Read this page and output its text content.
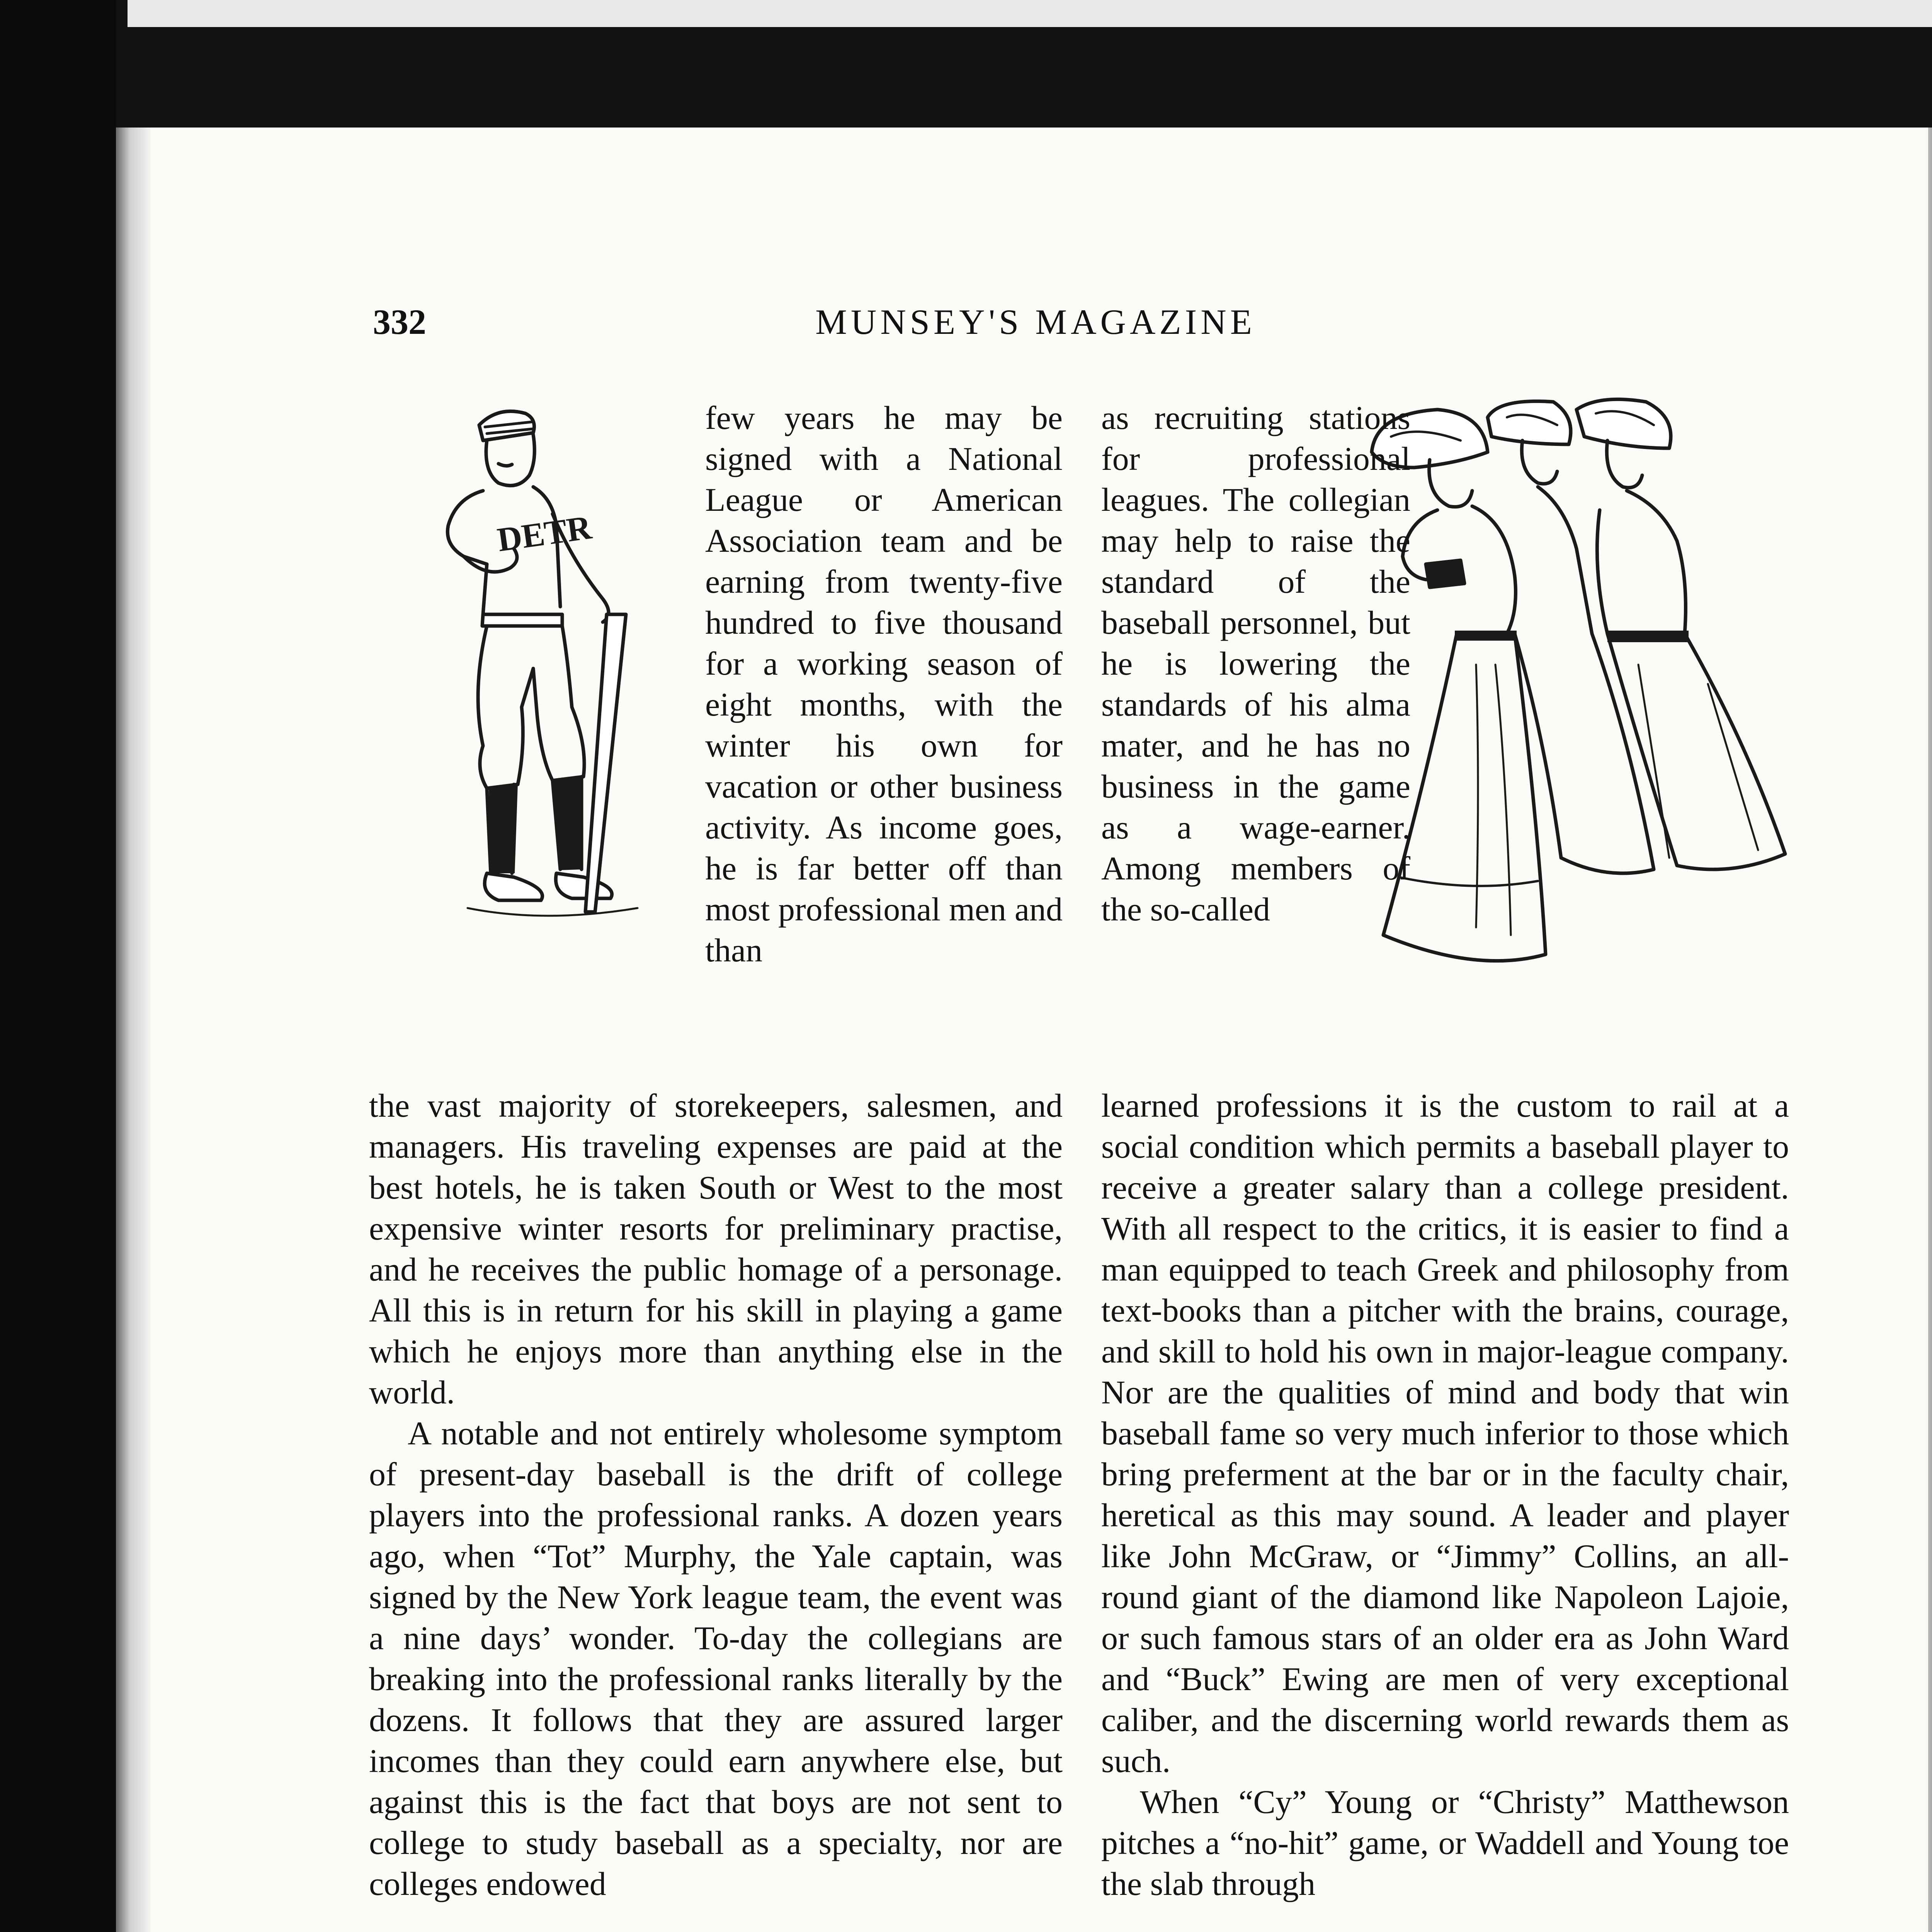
332	MUNSEY'S MAGAZINE
DETR

few years he may be signed with a National League or American Association team and be earning from twenty-five hundred to five thousand for a working season of eight months, with the winter his own for vacation or other business activity. As income goes, he is far better off than most professional men and than

the vast majority of storekeepers, salesmen, and managers. His traveling expenses are paid at the best hotels, he is taken South or West to the most expensive winter resorts for preliminary practise, and he receives the public homage of a personage. All this is in return for his skill in playing a game which he enjoys more than anything else in the world.

A notable and not entirely wholesome symptom of present-day baseball is the drift of college players into the professional ranks. A dozen years ago, when “Tot” Murphy, the Yale captain, was signed by the New York league team, the event was a nine days’ wonder. To-day the collegians are breaking into the professional ranks literally by the dozens. It follows that they are assured larger incomes than they could earn anywhere else, but against this is the fact that boys are not sent to college to study baseball as a specialty, nor are colleges endowed

as recruiting stations for professional leagues. The collegian may help to raise the standard of the baseball personnel, but he is lowering the standards of his alma mater, and he has no business in the game as a wage-earner. Among members of the so-called

learned professions it is the custom to rail at a social condition which permits a baseball player to receive a greater salary than a college president. With all respect to the critics, it is easier to find a man equipped to teach Greek and philosophy from text-books than a pitcher with the brains, courage, and skill to hold his own in major-league company. Nor are the qualities of mind and body that win baseball fame so very much inferior to those which bring preferment at the bar or in the faculty chair, heretical as this may sound. A leader and player like John McGraw, or “Jimmy” Collins, an all-round giant of the diamond like Napoleon Lajoie, or such famous stars of an older era as John Ward and “Buck” Ewing are men of very exceptional caliber, and the discerning world rewards them as such.

When “Cy” Young or “Christy” Matthewson pitches a “no-hit” game, or Waddell and Young toe the slab through
